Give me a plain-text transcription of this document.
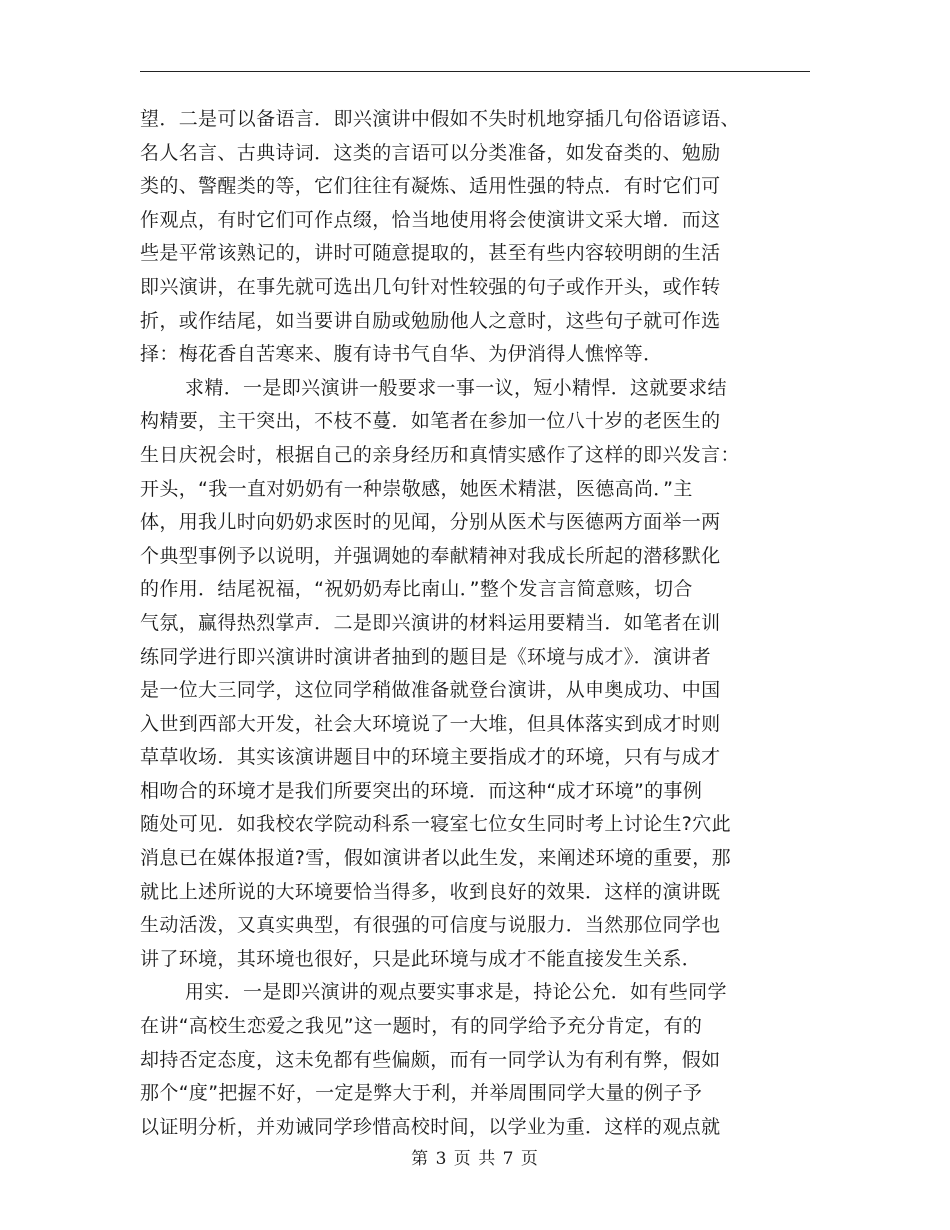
望．二是可以备语言．即兴演讲中假如不失时机地穿插几句俗语谚语、
名人名言、古典诗词．这类的言语可以分类准备，如发奋类的、勉励
类的、警醒类的等，它们往往有凝炼、适用性强的特点．有时它们可
作观点，有时它们可作点缀，恰当地使用将会使演讲文采大增．而这
些是平常该熟记的，讲时可随意提取的，甚至有些内容较明朗的生活
即兴演讲，在事先就可选出几句针对性较强的句子或作开头，或作转
折，或作结尾，如当要讲自励或勉励他人之意时，这些句子就可作选
择：梅花香自苦寒来、腹有诗书气自华、为伊消得人憔悴等．
求精．一是即兴演讲一般要求一事一议，短小精悍．这就要求结
构精要，主干突出，不枝不蔓．如笔者在参加一位八十岁的老医生的
生日庆祝会时，根据自己的亲身经历和真情实感作了这样的即兴发言：
开头，“我一直对奶奶有一种崇敬感，她医术精湛，医德高尚．”主
体，用我儿时向奶奶求医时的见闻，分别从医术与医德两方面举一两
个典型事例予以说明，并强调她的奉献精神对我成长所起的潜移默化
的作用．结尾祝福，“祝奶奶寿比南山．”整个发言言简意赅，切合
气氛，赢得热烈掌声．二是即兴演讲的材料运用要精当．如笔者在训
练同学进行即兴演讲时演讲者抽到的题目是《环境与成才》．演讲者
是一位大三同学，这位同学稍做准备就登台演讲，从申奥成功、中国
入世到西部大开发，社会大环境说了一大堆，但具体落实到成才时则
草草收场．其实该演讲题目中的环境主要指成才的环境，只有与成才
相吻合的环境才是我们所要突出的环境．而这种“成才环境”的事例
随处可见．如我校农学院动科系一寝室七位女生同时考上讨论生?穴此
消息已在媒体报道?雪，假如演讲者以此生发，来阐述环境的重要，那
就比上述所说的大环境要恰当得多，收到良好的效果．这样的演讲既
生动活泼，又真实典型，有很强的可信度与说服力．当然那位同学也
讲了环境，其环境也很好，只是此环境与成才不能直接发生关系．
用实．一是即兴演讲的观点要实事求是，持论公允．如有些同学
在讲“高校生恋爱之我见”这一题时，有的同学给予充分肯定，有的
却持否定态度，这未免都有些偏颇，而有一同学认为有利有弊，假如
那个“度”把握不好，一定是弊大于利，并举周围同学大量的例子予
以证明分析，并劝诫同学珍惜高校时间，以学业为重．这样的观点就
第 3 页 共 7 页
